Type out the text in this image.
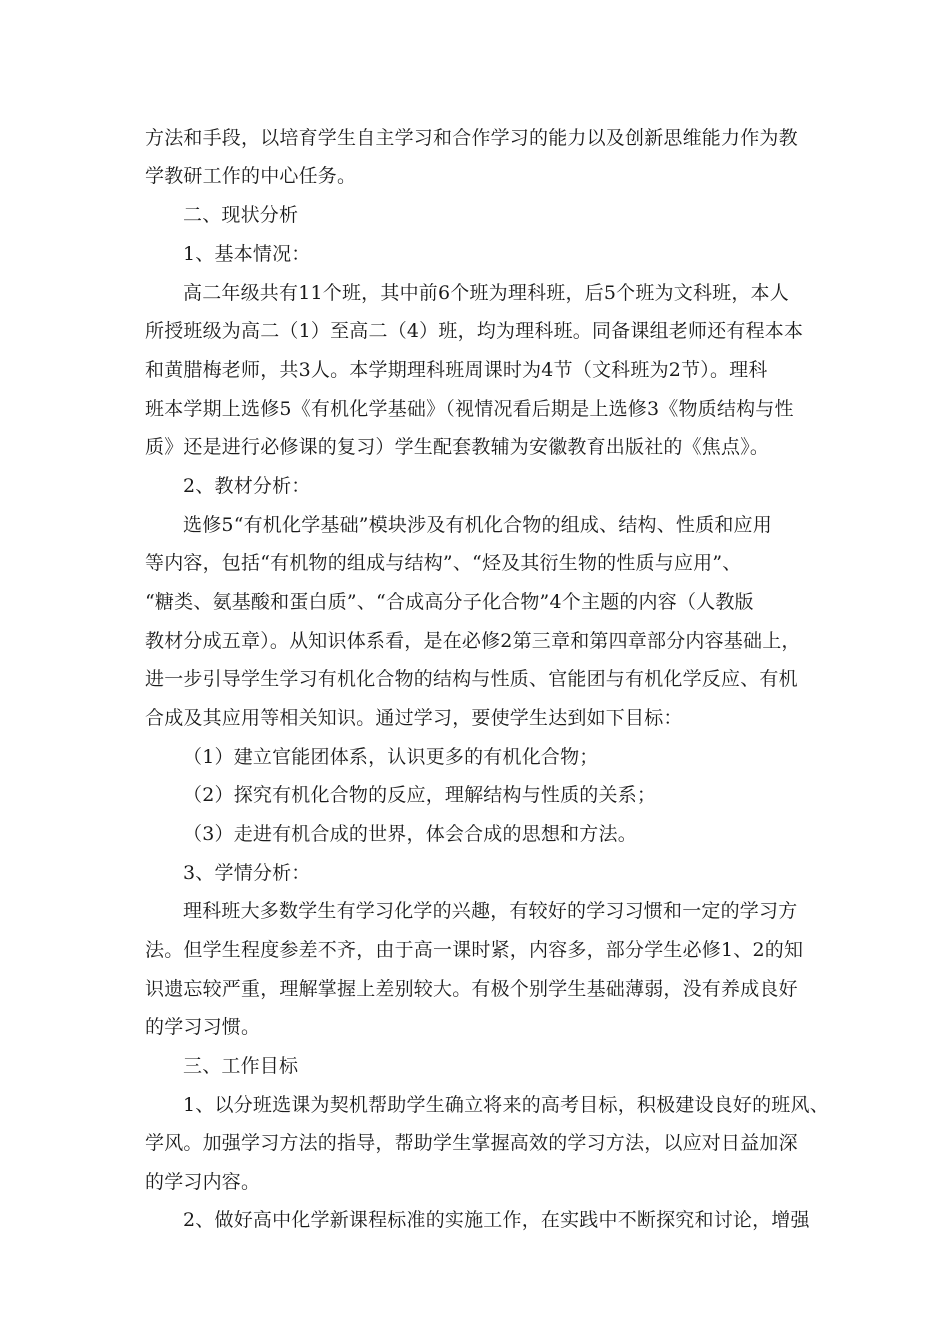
方法和手段，以培育学生自主学习和合作学习的能力以及创新思维能力作为教
学教研工作的中心任务。
二、现状分析
1、基本情况：
高二年级共有11个班，其中前6个班为理科班，后5个班为文科班，本人
所授班级为高二（1）至高二（4）班，均为理科班。同备课组老师还有程本本
和黄腊梅老师，共3人。本学期理科班周课时为4节（文科班为2节）。理科
班本学期上选修5《有机化学基础》（视情况看后期是上选修3《物质结构与性
质》还是进行必修课的复习）学生配套教辅为安徽教育出版社的《焦点》。
2、教材分析：
选修5“有机化学基础”模块涉及有机化合物的组成、结构、性质和应用
等内容，包括“有机物的组成与结构”、“烃及其衍生物的性质与应用”、
“糖类、氨基酸和蛋白质”、“合成高分子化合物”4个主题的内容（人教版
教材分成五章）。从知识体系看，是在必修2第三章和第四章部分内容基础上，
进一步引导学生学习有机化合物的结构与性质、官能团与有机化学反应、有机
合成及其应用等相关知识。通过学习，要使学生达到如下目标：
（1）建立官能团体系，认识更多的有机化合物；
（2）探究有机化合物的反应，理解结构与性质的关系；
（3）走进有机合成的世界，体会合成的思想和方法。
3、学情分析：
理科班大多数学生有学习化学的兴趣，有较好的学习习惯和一定的学习方
法。但学生程度参差不齐，由于高一课时紧，内容多，部分学生必修1、2的知
识遗忘较严重，理解掌握上差别较大。有极个别学生基础薄弱，没有养成良好
的学习习惯。
三、工作目标
1、以分班选课为契机帮助学生确立将来的高考目标，积极建设良好的班风、
学风。加强学习方法的指导，帮助学生掌握高效的学习方法，以应对日益加深
的学习内容。
2、做好高中化学新课程标准的实施工作，在实践中不断探究和讨论，增强
